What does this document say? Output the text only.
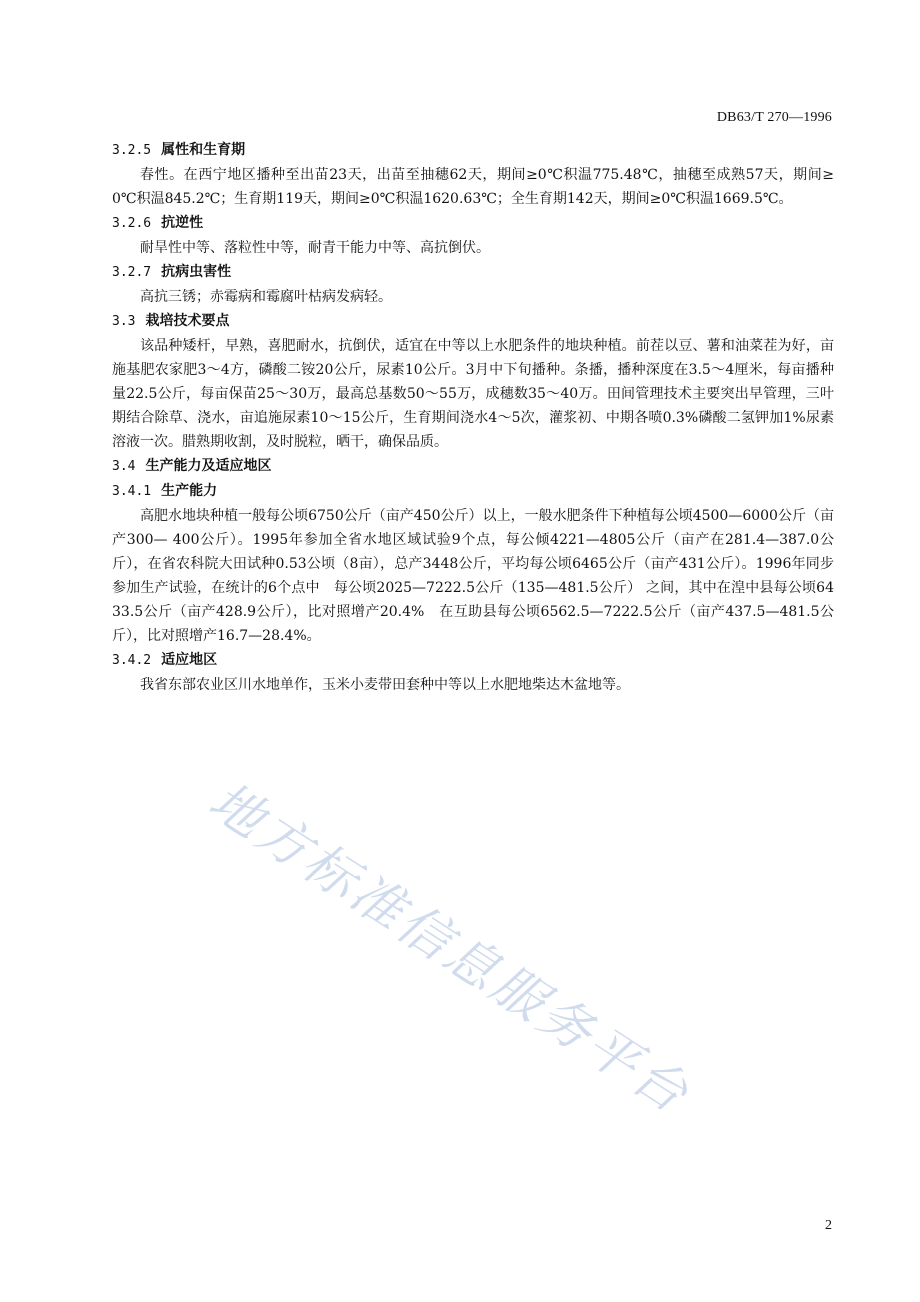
DB63/T 270—1996
3.2.5 属性和生育期
春性。在西宁地区播种至出苗23天，出苗至抽穗62天，期间≥0℃积温775.48℃，抽穗至成熟57天，期间≥0℃积温845.2℃；生育期119天，期间≥0℃积温1620.63℃；全生育期142天，期间≥0℃积温1669.5℃。
3.2.6 抗逆性
耐旱性中等、落粒性中等，耐青干能力中等、高抗倒伏。
3.2.7 抗病虫害性
高抗三锈；赤霉病和霉腐叶枯病发病轻。
3.3 栽培技术要点
该品种矮杆，早熟，喜肥耐水，抗倒伏，适宜在中等以上水肥条件的地块种植。前茬以豆、薯和油菜茬为好，亩施基肥农家肥3～4方，磷酸二铵20公斤，尿素10公斤。3月中下旬播种。条播，播种深度在3.5～4厘米，每亩播种量22.5公斤，每亩保苗25～30万，最高总基数50～55万，成穗数35～40万。田间管理技术主要突出早管理，三叶期结合除草、浇水，亩追施尿素10～15公斤，生育期间浇水4～5次，灌浆初、中期各喷0.3%磷酸二氢钾加1%尿素溶液一次。腊熟期收割，及时脱粒，晒干，确保品质。
3.4 生产能力及适应地区
3.4.1 生产能力
高肥水地块种植一般每公顷6750公斤（亩产450公斤）以上，一般水肥条件下种植每公顷4500—6000公斤（亩产300— 400公斤）。1995年参加全省水地区域试验9个点，每公倾4221—4805公斤（亩产在281.4—387.0公斤），在省农科院大田试种0.53公顷（8亩），总产3448公斤，平均每公顷6465公斤（亩产431公斤）。1996年同步参加生产试验，在统计的6个点中　每公顷2025—7222.5公斤（135—481.5公斤） 之间，其中在湟中县每公顷6433.5公斤（亩产428.9公斤），比对照增产20.4%　在互助县每公顷6562.5—7222.5公斤（亩产437.5—481.5公斤），比对照增产16.7—28.4%。
3.4.2 适应地区
我省东部农业区川水地单作，玉米小麦带田套种中等以上水肥地柴达木盆地等。
地方标准信息服务平台
2
